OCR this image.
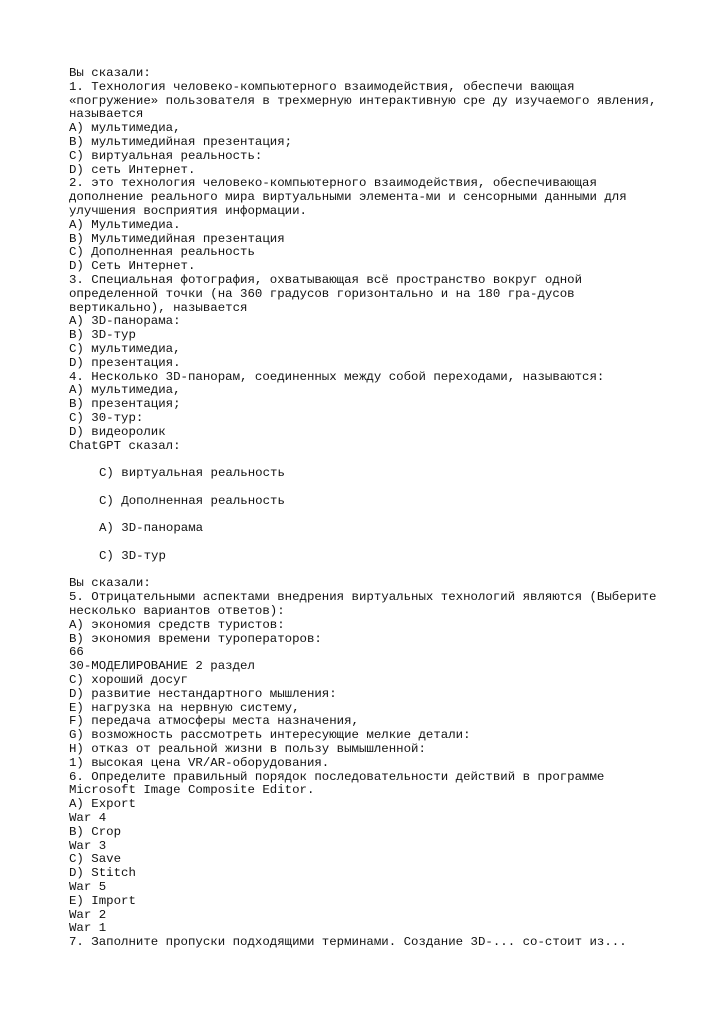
Вы сказали:
1. Технология человеко-компьютерного взаимодействия, обеспечи вающая
«погружение» пользователя в трехмерную интерактивную сре ду изучаемого явления,
называется
A) мультимедиа,
B) мультимедийная презентация;
C) виртуальная реальность:
D) сеть Интернет.
2. это технология человеко-компьютерного взаимодействия, обеспечивающая
дополнение реального мира виртуальными элемента-ми и сенсорными данными для
улучшения восприятия информации.
A) Мультимедиа.
B) Мультимедийная презентация
C) Дополненная реальность
D) Сеть Интернет.
3. Специальная фотография, охватывающая всё пространство вокруг одной
определенной точки (на 360 градусов горизонтально и на 180 гра-дусов
вертикально), называется
A) 3D-панорама:
B) 3D-тур
C) мультимедиа,
D) презентация.
4. Несколько 3D-панорам, соединенных между собой переходами, называются:
A) мультимедиа,
B) презентация;
C) 30-тур:
D) видеоролик
ChatGPT сказал:
C) виртуальная реальность
C) Дополненная реальность
A) 3D-панорама
C) 3D-тур
Вы сказали:
5. Отрицательными аспектами внедрения виртуальных технологий являются (Выберите
несколько вариантов ответов):
A) экономия средств туристов:
B) экономия времени туроператоров:
66
30-МОДЕЛИРОВАНИЕ 2 раздел
C) хороший досуг
D) развитие нестандартного мышления:
E) нагрузка на нервную систему,
F) передача атмосферы места назначения,
G) возможность рассмотреть интересующие мелкие детали:
H) отказ от реальной жизни в пользу вымышленной:
1) высокая цена VR/AR-оборудования.
6. Определите правильный порядок последовательности действий в программе
Microsoft Image Composite Editor.
A) Export
War 4
B) Crop
War 3
C) Save
D) Stitch
War 5
E) Import
War 2
War 1
7. Заполните пропуски подходящими терминами. Создание 3D-... со-стоит из...
